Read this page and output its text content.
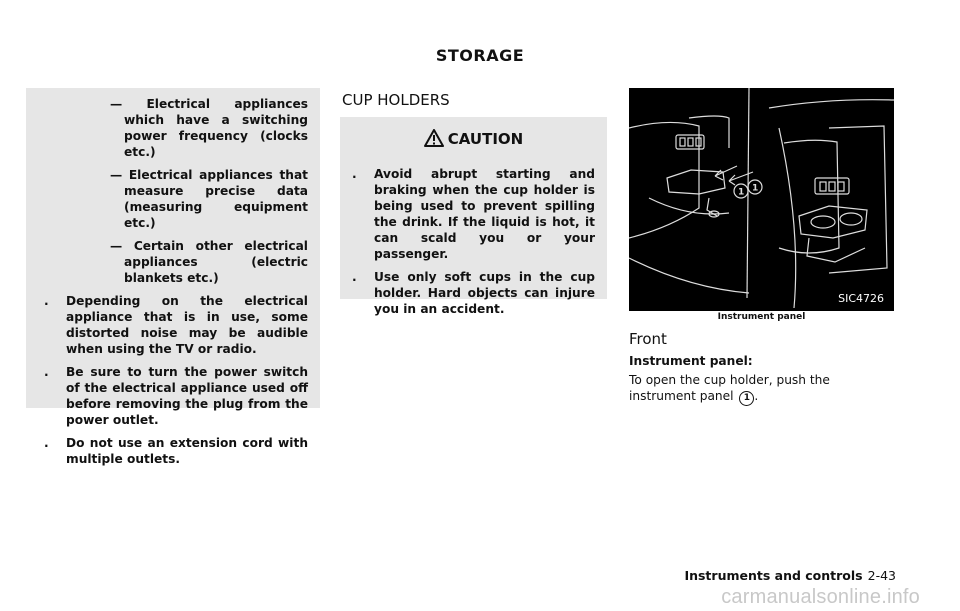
STORAGE
— Electrical appliances which have a switching power frequency (clocks etc.)
— Electrical appliances that measure precise data (measuring equipment etc.)
— Certain other electrical appliances (electric blankets etc.)
. Depending on the electrical appliance that is in use, some distorted noise may be audible when using the TV or radio.
. Be sure to turn the power switch of the electrical appliance used off before removing the plug from the power outlet.
. Do not use an extension cord with multiple outlets.
CUP HOLDERS
CAUTION
. Avoid abrupt starting and braking when the cup holder is being used to prevent spilling the drink. If the liquid is hot, it can scald you or your passenger.
. Use only soft cups in the cup holder. Hard objects can injure you in an accident.
1 1
SIC4726
Instrument panel
Front
Instrument panel:
To open the cup holder, push the instrument panel 1 .
Instruments and controls 2-43
carmanualsonline.info
